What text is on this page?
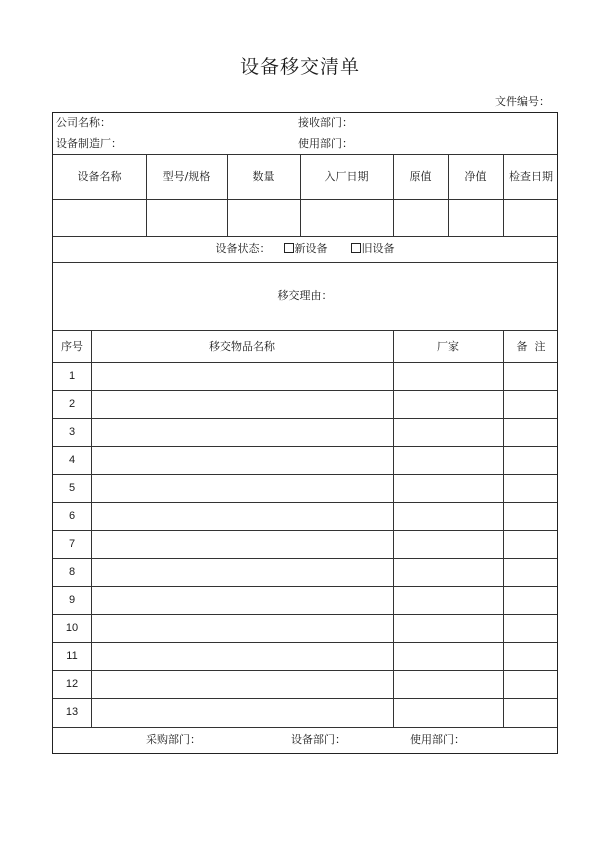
设备移交清单
文件编号：
公司名称：	接收部门：
设备制造厂：	使用部门：
设备名称	型号/规格	数量	入厂日期	原值	净值	检查日期
设备状态： 新设备	旧设备
移交理由：
序号	移交物品名称	厂家	备  注
1
2
3
4
5
6
7
8
9
10
11
12
13
采购部门：	设备部门：	使用部门：
